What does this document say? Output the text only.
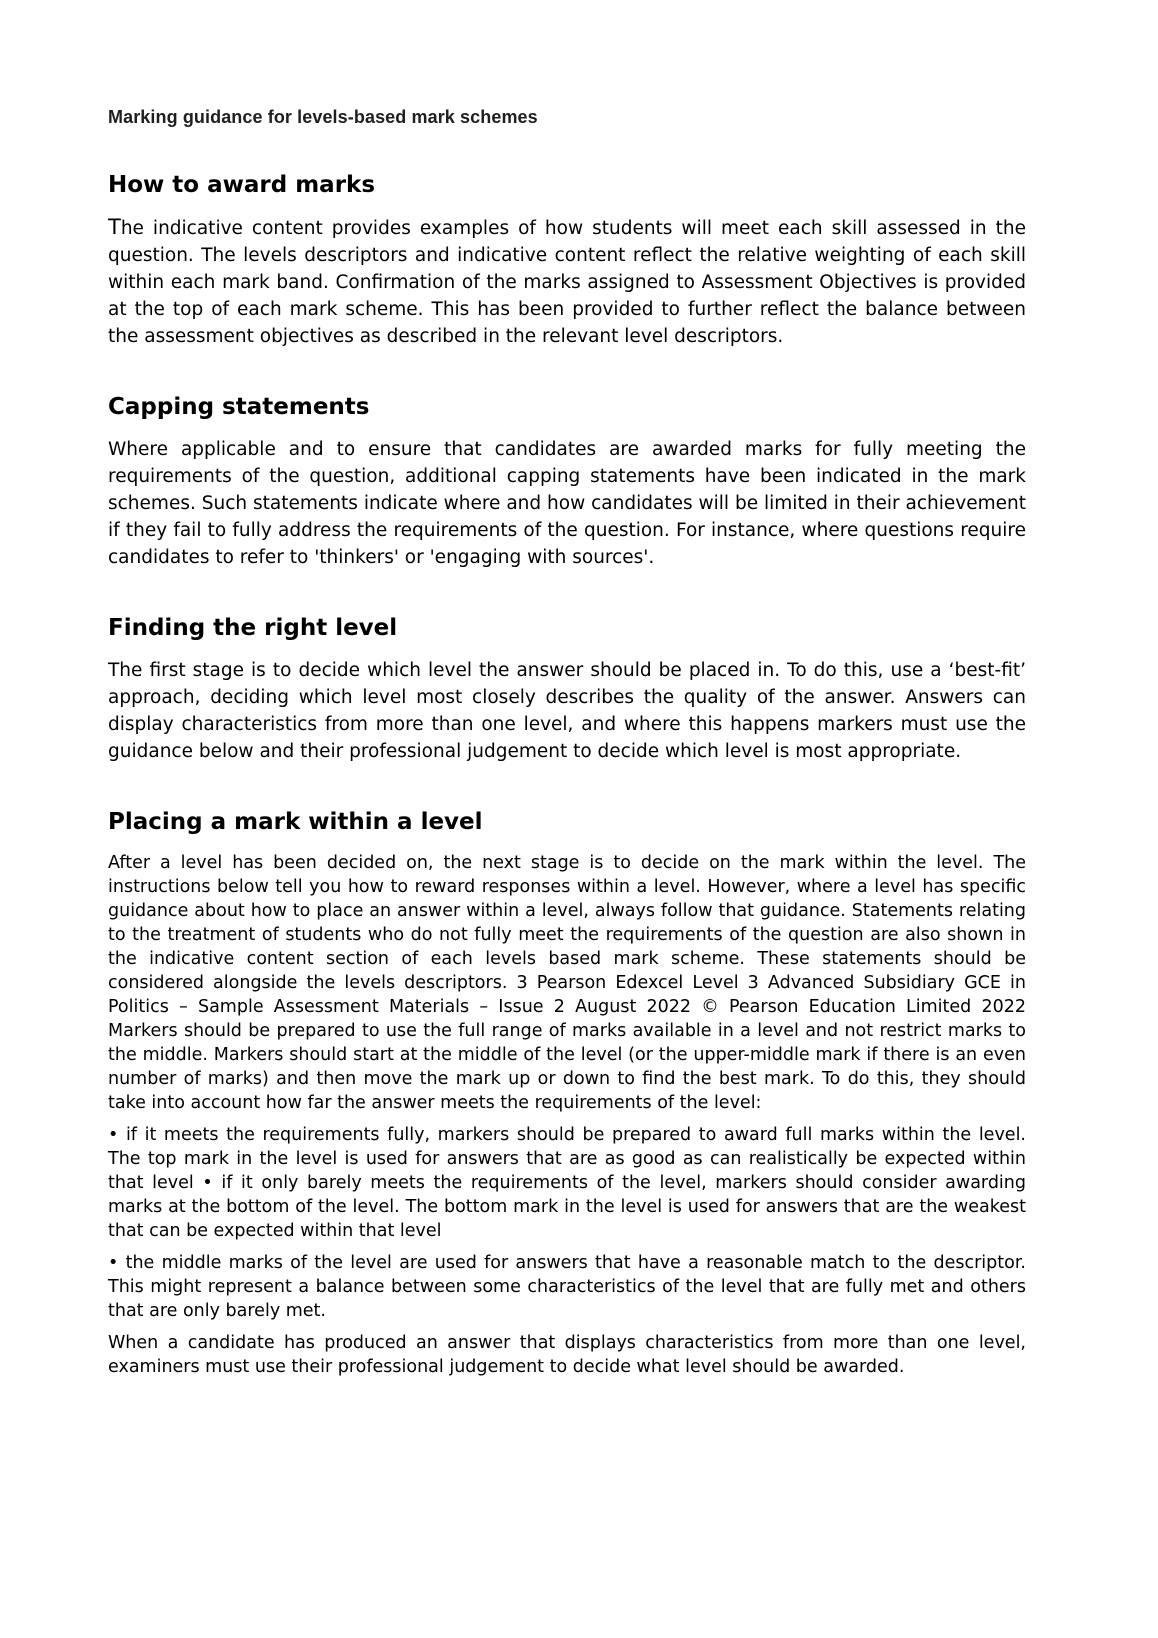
Marking guidance for levels-based mark schemes

How to award marks

The indicative content provides examples of how students will meet each skill assessed in the question. The levels descriptors and indicative content reflect the relative weighting of each skill within each mark band. Confirmation of the marks assigned to Assessment Objectives is provided at the top of each mark scheme. This has been provided to further reflect the balance between the assessment objectives as described in the relevant level descriptors.

Capping statements

Where applicable and to ensure that candidates are awarded marks for fully meeting the requirements of the question, additional capping statements have been indicated in the mark schemes. Such statements indicate where and how candidates will be limited in their achievement if they fail to fully address the requirements of the question. For instance, where questions require candidates to refer to 'thinkers' or 'engaging with sources'.

Finding the right level

The first stage is to decide which level the answer should be placed in. To do this, use a ‘best-fit’ approach, deciding which level most closely describes the quality of the answer. Answers can display characteristics from more than one level, and where this happens markers must use the guidance below and their professional judgement to decide which level is most appropriate.

Placing a mark within a level

After a level has been decided on, the next stage is to decide on the mark within the level. The instructions below tell you how to reward responses within a level. However, where a level has specific guidance about how to place an answer within a level, always follow that guidance. Statements relating to the treatment of students who do not fully meet the requirements of the question are also shown in the indicative content section of each levels based mark scheme. These statements should be considered alongside the levels descriptors. 3 Pearson Edexcel Level 3 Advanced Subsidiary GCE in Politics – Sample Assessment Materials – Issue 2 August 2022 © Pearson Education Limited 2022 Markers should be prepared to use the full range of marks available in a level and not restrict marks to the middle. Markers should start at the middle of the level (or the upper-middle mark if there is an even number of marks) and then move the mark up or down to find the best mark. To do this, they should take into account how far the answer meets the requirements of the level:

• if it meets the requirements fully, markers should be prepared to award full marks within the level. The top mark in the level is used for answers that are as good as can realistically be expected within that level • if it only barely meets the requirements of the level, markers should consider awarding marks at the bottom of the level. The bottom mark in the level is used for answers that are the weakest that can be expected within that level

• the middle marks of the level are used for answers that have a reasonable match to the descriptor. This might represent a balance between some characteristics of the level that are fully met and others that are only barely met.

When a candidate has produced an answer that displays characteristics from more than one level, examiners must use their professional judgement to decide what level should be awarded.
